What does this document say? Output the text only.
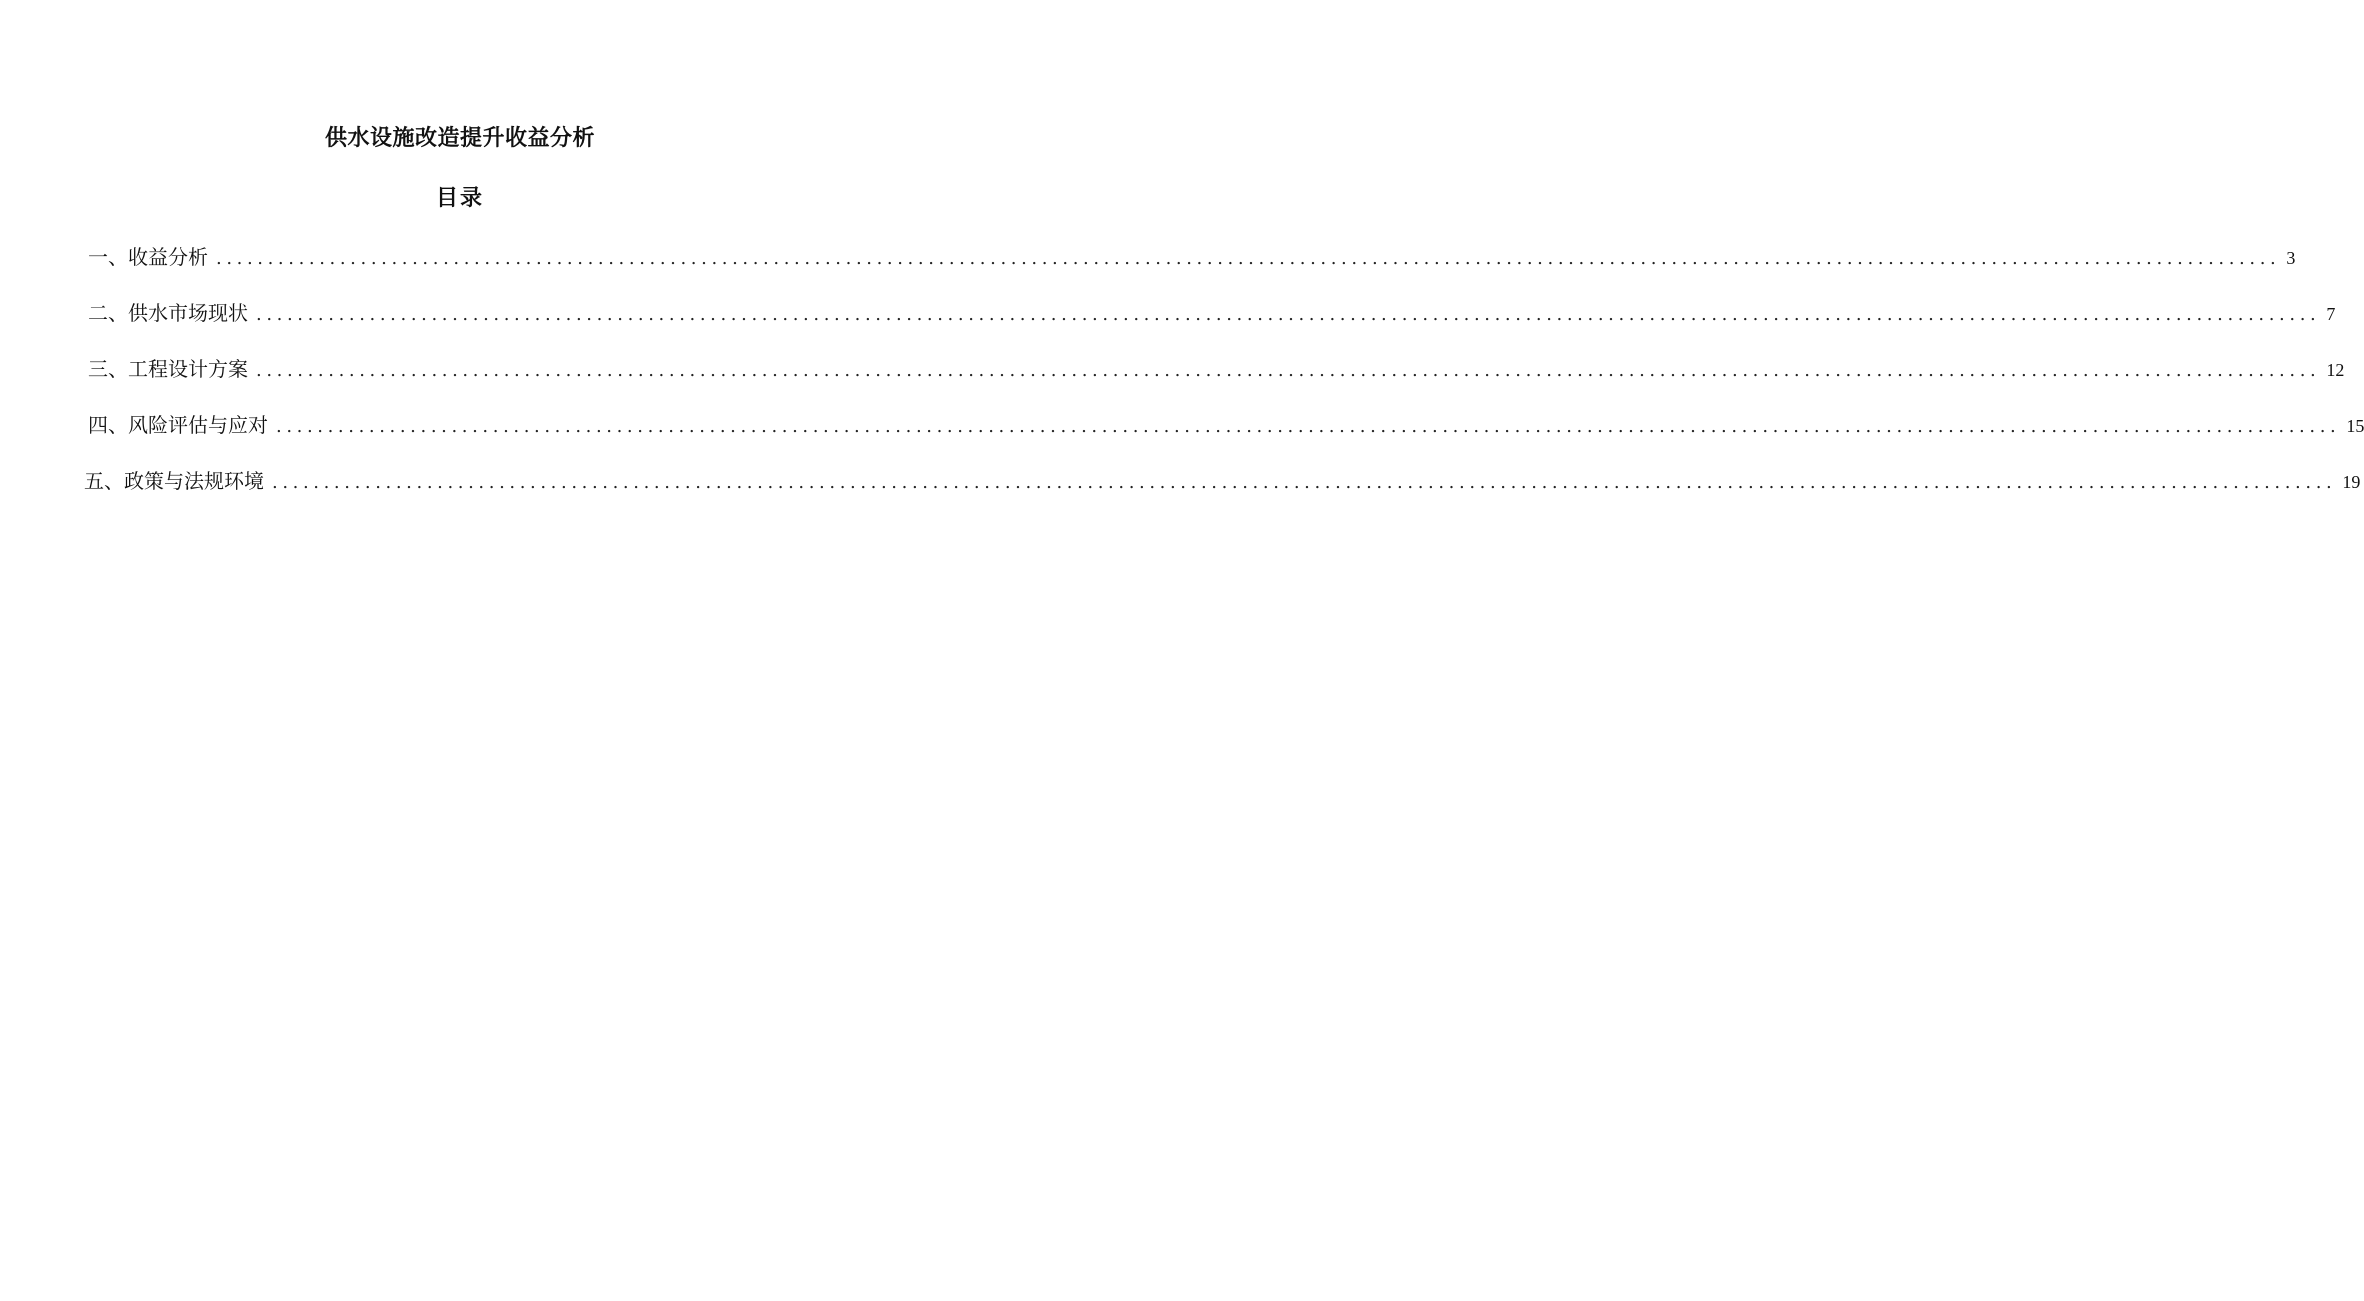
供水设施改造提升收益分析
目录
一、收益分析 ........................................................................................................................................................................................................ 3
二、供水市场现状 ........................................................................................................................................................................................................ 7
三、工程设计方案 ........................................................................................................................................................................................................ 12
四、风险评估与应对 ........................................................................................................................................................................................................ 15
五、政策与法规环境 ........................................................................................................................................................................................................ 19
